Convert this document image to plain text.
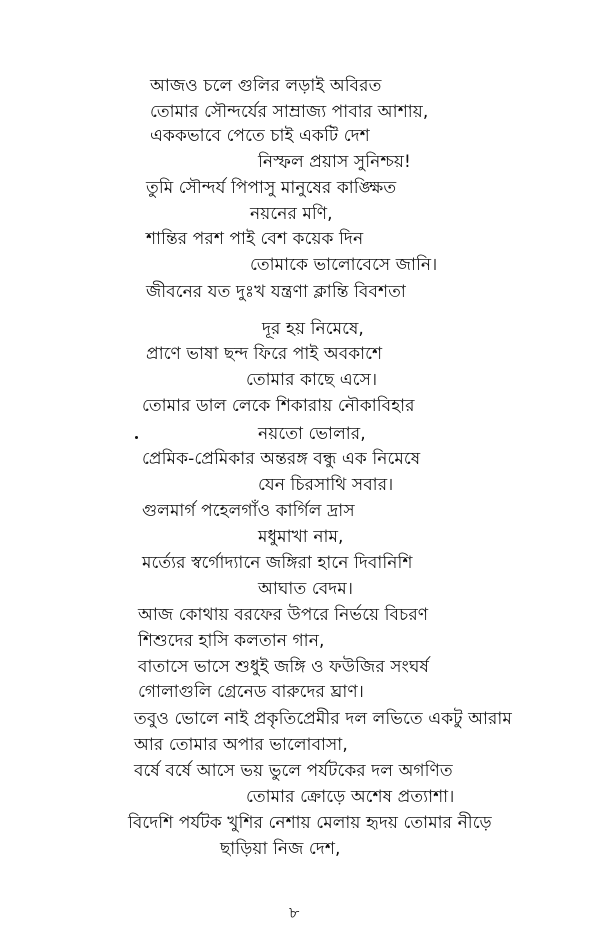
আজও চলে গুলির লড়াই অবিরত
তোমার সৌন্দর্যের সাম্রাজ্য পাবার আশায়,
এককভাবে পেতে চাই একটি দেশ
নিস্ফল প্রয়াস সুনিশ্চয়!
তুমি সৌন্দর্য পিপাসু মানুষের কাঙ্ক্ষিত
নয়নের মণি,
শান্তির পরশ পাই বেশ কয়েক দিন
তোমাকে ভালোবেসে জানি।
জীবনের যত দুঃখ যন্ত্রণা ক্লান্তি বিবশতা
দূর হয় নিমেষে,
প্রাণে ভাষা ছন্দ ফিরে পাই অবকাশে
তোমার কাছে এসে।
তোমার ডাল লেকে শিকারায় নৌকাবিহার
নয়তো ভোলার,
প্রেমিক-প্রেমিকার অন্তরঙ্গ বন্ধু এক নিমেষে
যেন চিরসাথি সবার।
গুলমার্গ পহেলগাঁও কার্গিল দ্রাস
মধুমাখা নাম,
মর্ত্যের স্বর্গোদ্যানে জঙ্গিরা হানে দিবানিশি
আঘাত বেদম।
আজ কোথায় বরফের উপরে নির্ভয়ে বিচরণ
শিশুদের হাসি কলতান গান,
বাতাসে ভাসে শুধুই জঙ্গি ও ফউজির সংঘর্ষ
গোলাগুলি গ্রেনেড বারুদের ঘ্রাণ।
তবুও ভোলে নাই প্রকৃতিপ্রেমীর দল লভিতে একটু আরাম
আর তোমার অপার ভালোবাসা,
বর্ষে বর্ষে আসে ভয় ভুলে পর্যটকের দল অগণিত
তোমার ক্রোড়ে অশেষ প্রত্যাশা।
বিদেশি পর্যটক খুশির নেশায় মেলায় হৃদয় তোমার নীড়ে
ছাড়িয়া নিজ দেশ,
৮
